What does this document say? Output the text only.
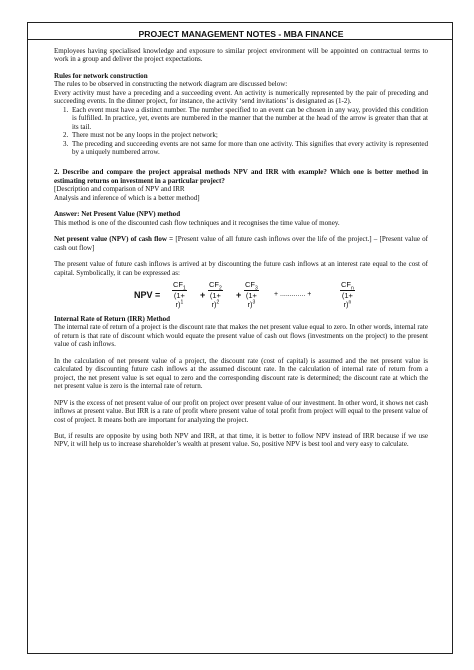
PROJECT MANAGEMENT NOTES - MBA FINANCE

Employees having specialised knowledge and exposure to similar project environment will be appointed on contractual terms to work in a group and deliver the project expectations.

Rules for network construction

The rules to be observed in constructing the network diagram are discussed below:

Every activity must have a preceding and a succeeding event. An activity is numerically represented by the pair of preceding and succeeding events. In the dinner project, for instance, the activity ‘send invitations’ is designated as (1-2).

1. Each event must have a distinct number. The number specified to an event can be chosen in any way, provided this condition is fulfilled. In practice, yet, events are numbered in the manner that the number at the head of the arrow is greater than that at its tail.
2. There must not be any loops in the project network;
3. The preceding and succeeding events are not same for more than one activity. This signifies that every activity is represented by a uniquely numbered arrow.

2. Describe and compare the project appraisal methods NPV and IRR with example? Which one is better method in estimating returns on investment in a particular project?

[Description and comparison of NPV and IRR

Analysis and inference of which is a better method]

Answer: Net Present Value (NPV) method

This method is one of the discounted cash flow techniques and it recognises the time value of money.

Net present value (NPV) of cash flow = [Present value of all future cash inflows over the life of the project.] – [Present value of cash out flow]

The present value of future cash inflows is arrived at by discounting the future cash inflows at an interest rate equal to the cost of capital. Symbolically, it can be expressed as:

NPV = $\frac{CF_1}{(1+ r)^1} + \frac{CF_2}{(1+ r)^2} + \frac{CF_3}{(1+ r)^3}$ + ............. +
$CF_n$
$(1+ r)^n$

Internal Rate of Return (IRR) Method

The internal rate of return of a project is the discount rate that makes the net present value equal to zero. In other words, internal rate of return is that rate of discount which would equate the present value of cash out flows (investments on the project) to the present value of cash inflows.

In the calculation of net present value of a project, the discount rate (cost of capital) is assumed and the net present value is calculated by discounting future cash inflows at the assumed discount rate. In the calculation of internal rate of return from a project, the net present value is set equal to zero and the corresponding discount rate is determined; the discount rate at which the net present value is zero is the internal rate of return.

NPV is the excess of net present value of our profit on project over present value of our investment. In other word, it shows net cash inflows at present value. But IRR is a rate of profit where present value of total profit from project will equal to the present value of cost of project. It means both are important for analyzing the project.

But, if results are opposite by using both NPV and IRR, at that time, it is better to follow NPV instead of IRR because if we use NPV, it will help us to increase shareholder’s wealth at present value. So, positive NPV is best tool and very easy to calculate.
